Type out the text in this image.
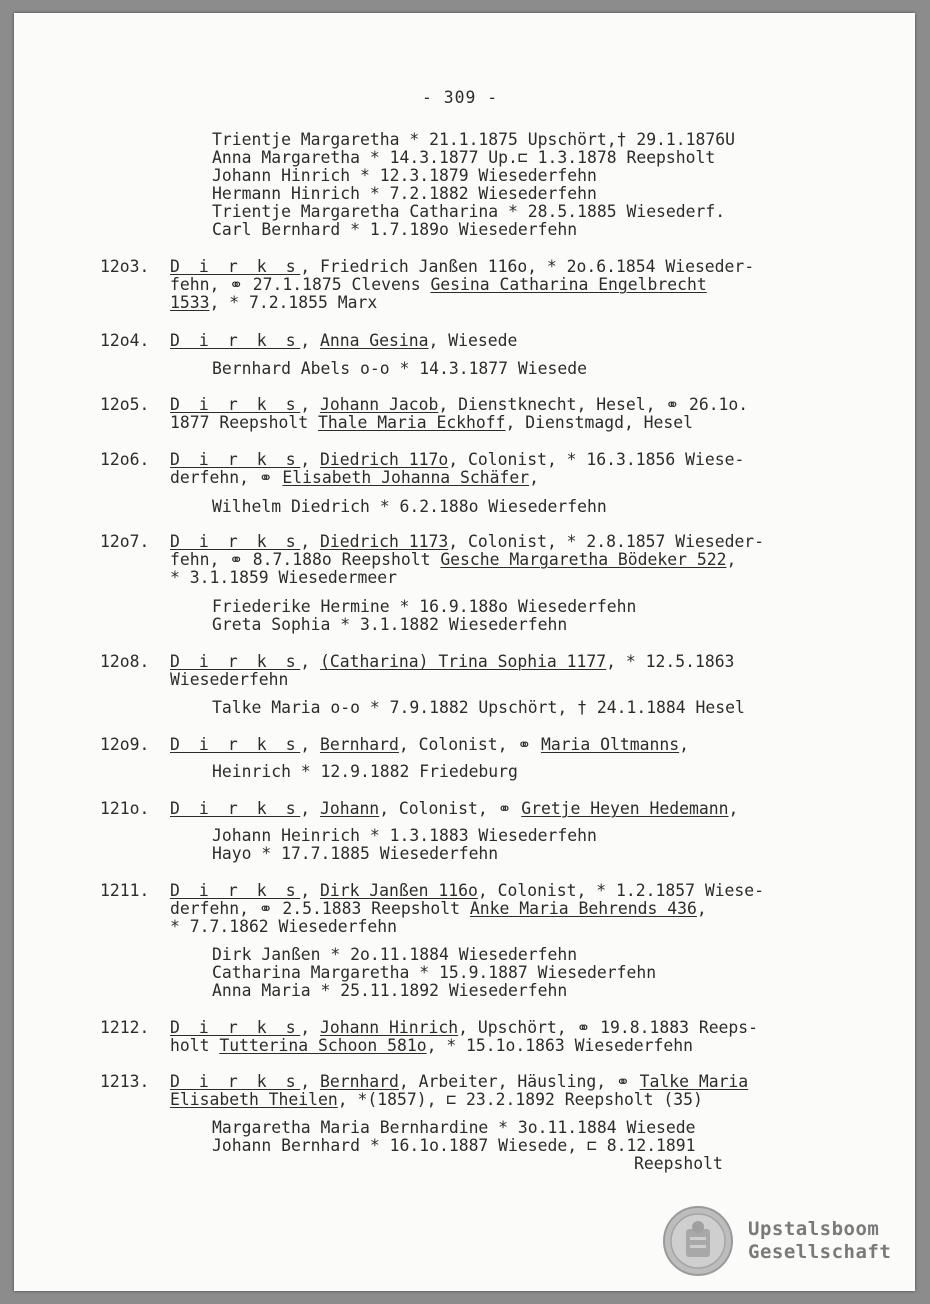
- 309 -
Trientje Margaretha * 21.1.1875 Upschört,† 29.1.1876U
Anna Margaretha * 14.3.1877 Up.⊏ 1.3.1878 Reepsholt
Johann Hinrich * 12.3.1879 Wiesederfehn
Hermann Hinrich * 7.2.1882 Wiesederfehn
Trientje Margaretha Catharina * 28.5.1885 Wiesederf.
Carl Bernhard * 1.7.189o Wiesederfehn
12o3. D i r k s, Friedrich Janßen 116o, * 2o.6.1854 Wieseder-
fehn, ⚭ 27.1.1875 Clevens Gesina Catharina Engelbrecht
1533, * 7.2.1855 Marx
12o4. D i r k s, Anna Gesina, Wiesede
Bernhard Abels o-o * 14.3.1877 Wiesede
12o5. D i r k s, Johann Jacob, Dienstknecht, Hesel, ⚭ 26.1o.
1877 Reepsholt Thale Maria Eckhoff, Dienstmagd, Hesel
12o6. D i r k s, Diedrich 117o, Colonist, * 16.3.1856 Wiese-
derfehn, ⚭ Elisabeth Johanna Schäfer,
Wilhelm Diedrich * 6.2.188o Wiesederfehn
12o7. D i r k s, Diedrich 1173, Colonist, * 2.8.1857 Wieseder-
fehn, ⚭ 8.7.188o Reepsholt Gesche Margaretha Bödeker 522,
* 3.1.1859 Wiesedermeer
Friederike Hermine * 16.9.188o Wiesederfehn
Greta Sophia * 3.1.1882 Wiesederfehn
12o8. D i r k s, (Catharina) Trina Sophia 1177, * 12.5.1863
Wiesederfehn
Talke Maria o-o * 7.9.1882 Upschört, † 24.1.1884 Hesel
12o9. D i r k s, Bernhard, Colonist, ⚭ Maria Oltmanns,
Heinrich * 12.9.1882 Friedeburg
121o. D i r k s, Johann, Colonist, ⚭ Gretje Heyen Hedemann,
Johann Heinrich * 1.3.1883 Wiesederfehn
Hayo * 17.7.1885 Wiesederfehn
1211. D i r k s, Dirk Janßen 116o, Colonist, * 1.2.1857 Wiese-
derfehn, ⚭ 2.5.1883 Reepsholt Anke Maria Behrends 436,
* 7.7.1862 Wiesederfehn
Dirk Janßen * 2o.11.1884 Wiesederfehn
Catharina Margaretha * 15.9.1887 Wiesederfehn
Anna Maria * 25.11.1892 Wiesederfehn
1212. D i r k s, Johann Hinrich, Upschört, ⚭ 19.8.1883 Reeps-
holt Tutterina Schoon 581o, * 15.1o.1863 Wiesederfehn
1213. D i r k s, Bernhard, Arbeiter, Häusling, ⚭ Talke Maria
Elisabeth Theilen, *(1857), ⊏ 23.2.1892 Reepsholt (35)
Margaretha Maria Bernhardine * 3o.11.1884 Wiesede
Johann Bernhard * 16.1o.1887 Wiesede, ⊏ 8.12.1891
Reepsholt
Upstalsboom
Gesellschaft
